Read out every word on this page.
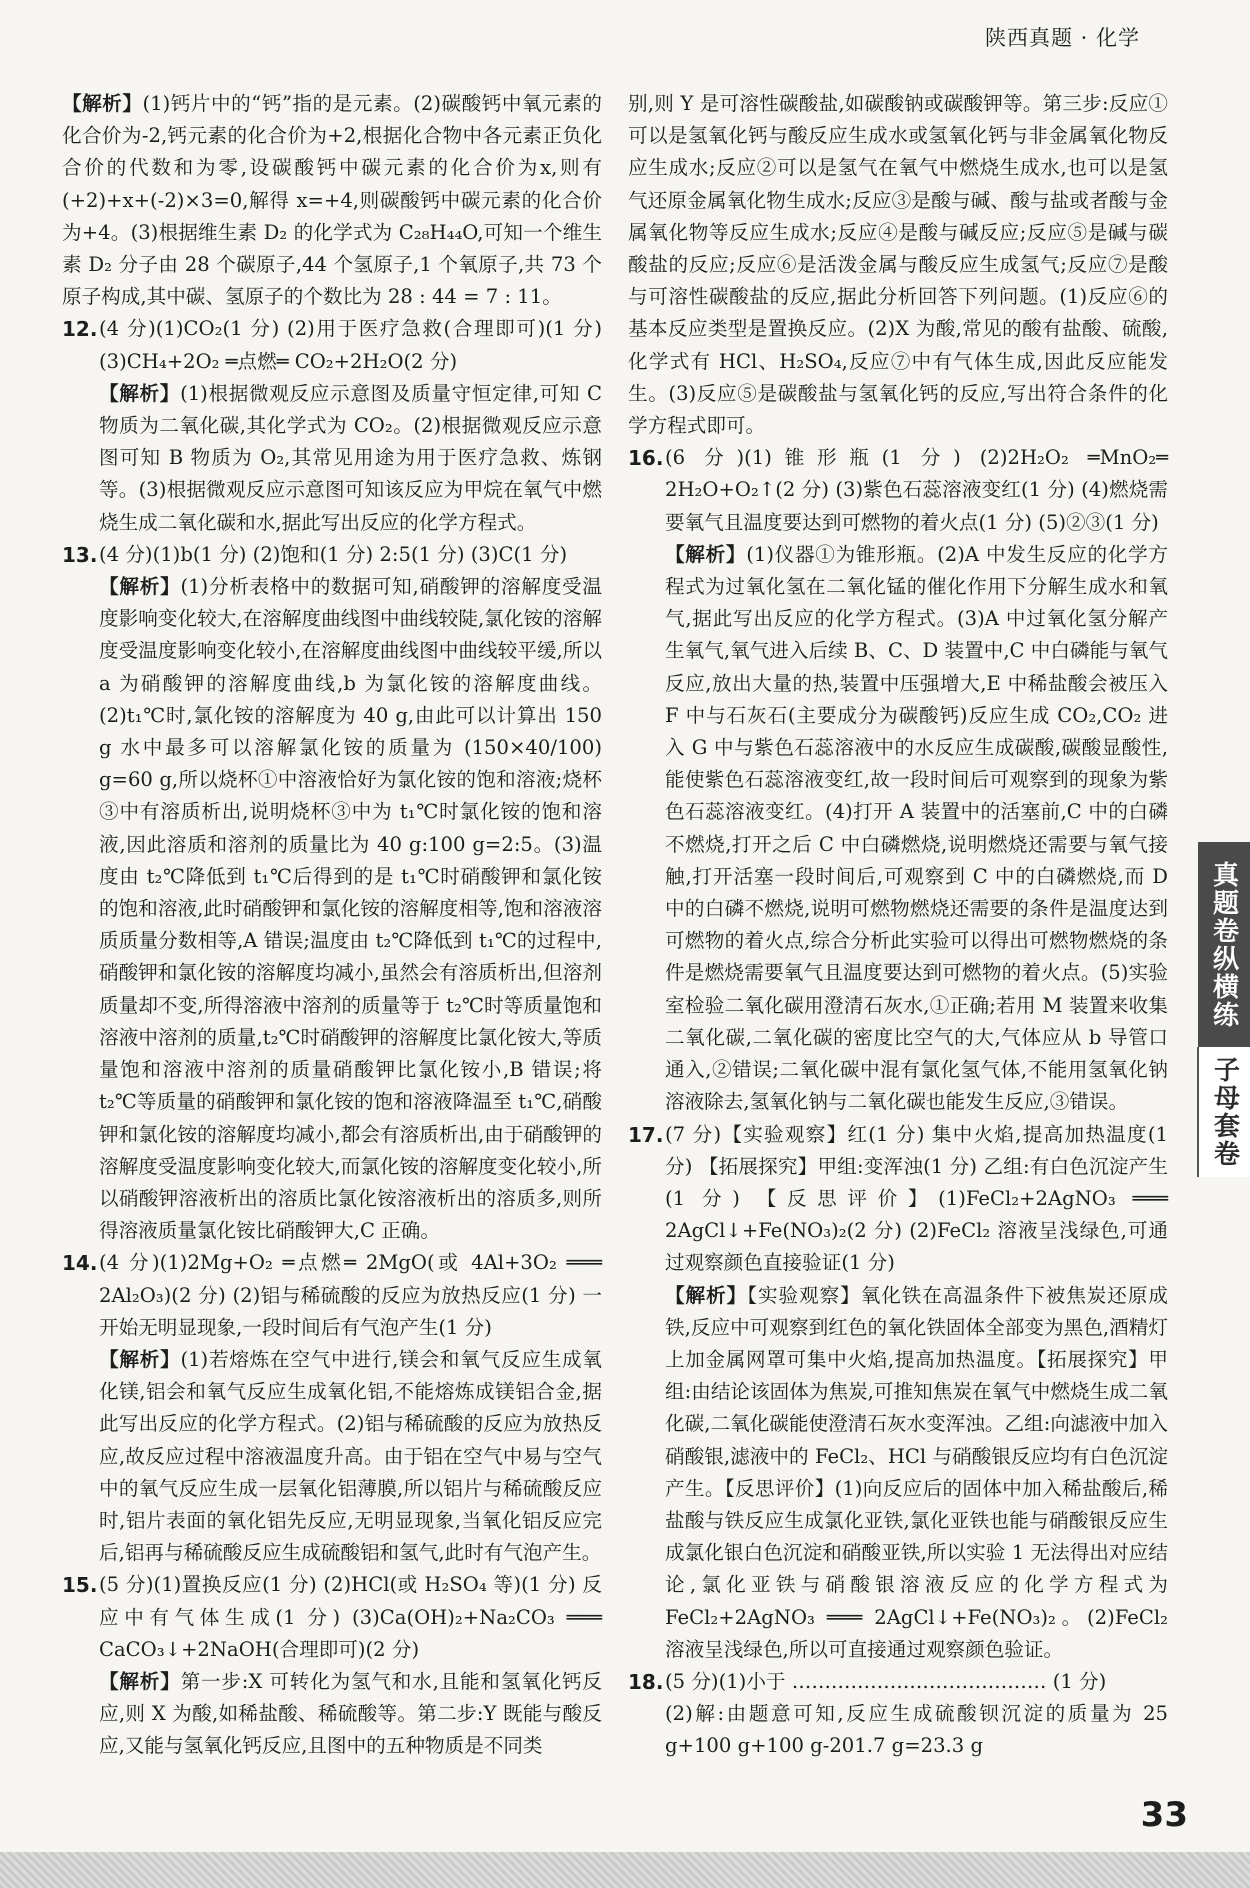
陕西真题 · 化学

【解析】(1)钙片中的“钙”指的是元素。(2)碳酸钙中氧元素的化合价为-2,钙元素的化合价为+2,根据化合物中各元素正负化合价的代数和为零,设碳酸钙中碳元素的化合价为x,则有(+2)+x+(-2)×3=0,解得 x=+4,则碳酸钙中碳元素的化合价为+4。(3)根据维生素 D₂ 的化学式为 C₂₈H₄₄O,可知一个维生素 D₂ 分子由 28 个碳原子,44 个氢原子,1 个氧原子,共 73 个原子构成,其中碳、氢原子的个数比为 28 : 44 = 7 : 11。

12. (4 分)(1)CO₂(1 分) (2)用于医疗急救(合理即可)(1 分) (3)CH₄+2O₂ ═点燃═ CO₂+2H₂O(2 分)

【解析】(1)根据微观反应示意图及质量守恒定律,可知 C 物质为二氧化碳,其化学式为 CO₂。(2)根据微观反应示意图可知 B 物质为 O₂,其常见用途为用于医疗急救、炼钢等。(3)根据微观反应示意图可知该反应为甲烷在氧气中燃烧生成二氧化碳和水,据此写出反应的化学方程式。

13. (4 分)(1)b(1 分) (2)饱和(1 分) 2:5(1 分) (3)C(1 分)

【解析】(1)分析表格中的数据可知,硝酸钾的溶解度受温度影响变化较大,在溶解度曲线图中曲线较陡,氯化铵的溶解度受温度影响变化较小,在溶解度曲线图中曲线较平缓,所以 a 为硝酸钾的溶解度曲线,b 为氯化铵的溶解度曲线。(2)t₁℃时,氯化铵的溶解度为 40 g,由此可以计算出 150 g 水中最多可以溶解氯化铵的质量为 (150×40/100) g=60 g,所以烧杯①中溶液恰好为氯化铵的饱和溶液;烧杯③中有溶质析出,说明烧杯③中为 t₁℃时氯化铵的饱和溶液,因此溶质和溶剂的质量比为 40 g:100 g=2:5。(3)温度由 t₂℃降低到 t₁℃后得到的是 t₁℃时硝酸钾和氯化铵的饱和溶液,此时硝酸钾和氯化铵的溶解度相等,饱和溶液溶质质量分数相等,A 错误;温度由 t₂℃降低到 t₁℃的过程中,硝酸钾和氯化铵的溶解度均减小,虽然会有溶质析出,但溶剂质量却不变,所得溶液中溶剂的质量等于 t₂℃时等质量饱和溶液中溶剂的质量,t₂℃时硝酸钾的溶解度比氯化铵大,等质量饱和溶液中溶剂的质量硝酸钾比氯化铵小,B 错误;将 t₂℃等质量的硝酸钾和氯化铵的饱和溶液降温至 t₁℃,硝酸钾和氯化铵的溶解度均减小,都会有溶质析出,由于硝酸钾的溶解度受温度影响变化较大,而氯化铵的溶解度变化较小,所以硝酸钾溶液析出的溶质比氯化铵溶液析出的溶质多,则所得溶液质量氯化铵比硝酸钾大,C 正确。

14. (4 分)(1)2Mg+O₂ ═点燃═ 2MgO(或 4Al+3O₂ ═══ 2Al₂O₃)(2 分) (2)铝与稀硫酸的反应为放热反应(1 分) 一开始无明显现象,一段时间后有气泡产生(1 分)

【解析】(1)若熔炼在空气中进行,镁会和氧气反应生成氧化镁,铝会和氧气反应生成氧化铝,不能熔炼成镁铝合金,据此写出反应的化学方程式。(2)铝与稀硫酸的反应为放热反应,故反应过程中溶液温度升高。由于铝在空气中易与空气中的氧气反应生成一层氧化铝薄膜,所以铝片与稀硫酸反应时,铝片表面的氧化铝先反应,无明显现象,当氧化铝反应完后,铝再与稀硫酸反应生成硫酸铝和氢气,此时有气泡产生。

15. (5 分)(1)置换反应(1 分) (2)HCl(或 H₂SO₄ 等)(1 分) 反应中有气体生成(1 分) (3)Ca(OH)₂+Na₂CO₃ ═══ CaCO₃↓+2NaOH(合理即可)(2 分)

【解析】第一步:X 可转化为氢气和水,且能和氢氧化钙反应,则 X 为酸,如稀盐酸、稀硫酸等。第二步:Y 既能与酸反应,又能与氢氧化钙反应,且图中的五种物质是不同类

别,则 Y 是可溶性碳酸盐,如碳酸钠或碳酸钾等。第三步:反应①可以是氢氧化钙与酸反应生成水或氢氧化钙与非金属氧化物反应生成水;反应②可以是氢气在氧气中燃烧生成水,也可以是氢气还原金属氧化物生成水;反应③是酸与碱、酸与盐或者酸与金属氧化物等反应生成水;反应④是酸与碱反应;反应⑤是碱与碳酸盐的反应;反应⑥是活泼金属与酸反应生成氢气;反应⑦是酸与可溶性碳酸盐的反应,据此分析回答下列问题。(1)反应⑥的基本反应类型是置换反应。(2)X 为酸,常见的酸有盐酸、硫酸,化学式有 HCl、H₂SO₄,反应⑦中有气体生成,因此反应能发生。(3)反应⑤是碳酸盐与氢氧化钙的反应,写出符合条件的化学方程式即可。

16. (6 分)(1)锥形瓶(1 分) (2)2H₂O₂ ═MnO₂═ 2H₂O+O₂↑(2 分) (3)紫色石蕊溶液变红(1 分) (4)燃烧需要氧气且温度要达到可燃物的着火点(1 分) (5)②③(1 分)

【解析】(1)仪器①为锥形瓶。(2)A 中发生反应的化学方程式为过氧化氢在二氧化锰的催化作用下分解生成水和氧气,据此写出反应的化学方程式。(3)A 中过氧化氢分解产生氧气,氧气进入后续 B、C、D 装置中,C 中白磷能与氧气反应,放出大量的热,装置中压强增大,E 中稀盐酸会被压入 F 中与石灰石(主要成分为碳酸钙)反应生成 CO₂,CO₂ 进入 G 中与紫色石蕊溶液中的水反应生成碳酸,碳酸显酸性,能使紫色石蕊溶液变红,故一段时间后可观察到的现象为紫色石蕊溶液变红。(4)打开 A 装置中的活塞前,C 中的白磷不燃烧,打开之后 C 中白磷燃烧,说明燃烧还需要与氧气接触,打开活塞一段时间后,可观察到 C 中的白磷燃烧,而 D 中的白磷不燃烧,说明可燃物燃烧还需要的条件是温度达到可燃物的着火点,综合分析此实验可以得出可燃物燃烧的条件是燃烧需要氧气且温度要达到可燃物的着火点。(5)实验室检验二氧化碳用澄清石灰水,①正确;若用 M 装置来收集二氧化碳,二氧化碳的密度比空气的大,气体应从 b 导管口通入,②错误;二氧化碳中混有氯化氢气体,不能用氢氧化钠溶液除去,氢氧化钠与二氧化碳也能发生反应,③错误。

17. (7 分)【实验观察】红(1 分) 集中火焰,提高加热温度(1 分) 【拓展探究】甲组:变浑浊(1 分) 乙组:有白色沉淀产生(1 分) 【反思评价】(1)FeCl₂+2AgNO₃ ═══ 2AgCl↓+Fe(NO₃)₂(2 分) (2)FeCl₂ 溶液呈浅绿色,可通过观察颜色直接验证(1 分)

【解析】【实验观察】氧化铁在高温条件下被焦炭还原成铁,反应中可观察到红色的氧化铁固体全部变为黑色,酒精灯上加金属网罩可集中火焰,提高加热温度。【拓展探究】甲组:由结论该固体为焦炭,可推知焦炭在氧气中燃烧生成二氧化碳,二氧化碳能使澄清石灰水变浑浊。乙组:向滤液中加入硝酸银,滤液中的 FeCl₂、HCl 与硝酸银反应均有白色沉淀产生。【反思评价】(1)向反应后的固体中加入稀盐酸后,稀盐酸与铁反应生成氯化亚铁,氯化亚铁也能与硝酸银反应生成氯化银白色沉淀和硝酸亚铁,所以实验 1 无法得出对应结论,氯化亚铁与硝酸银溶液反应的化学方程式为 FeCl₂+2AgNO₃ ═══ 2AgCl↓+Fe(NO₃)₂。(2)FeCl₂ 溶液呈浅绿色,所以可直接通过观察颜色验证。

18. (5 分)(1)小于 ………………………………… (1 分)

(2)解:由题意可知,反应生成硫酸钡沉淀的质量为 25 g+100 g+100 g-201.7 g=23.3 g

真题卷纵横练
子母套卷
33
